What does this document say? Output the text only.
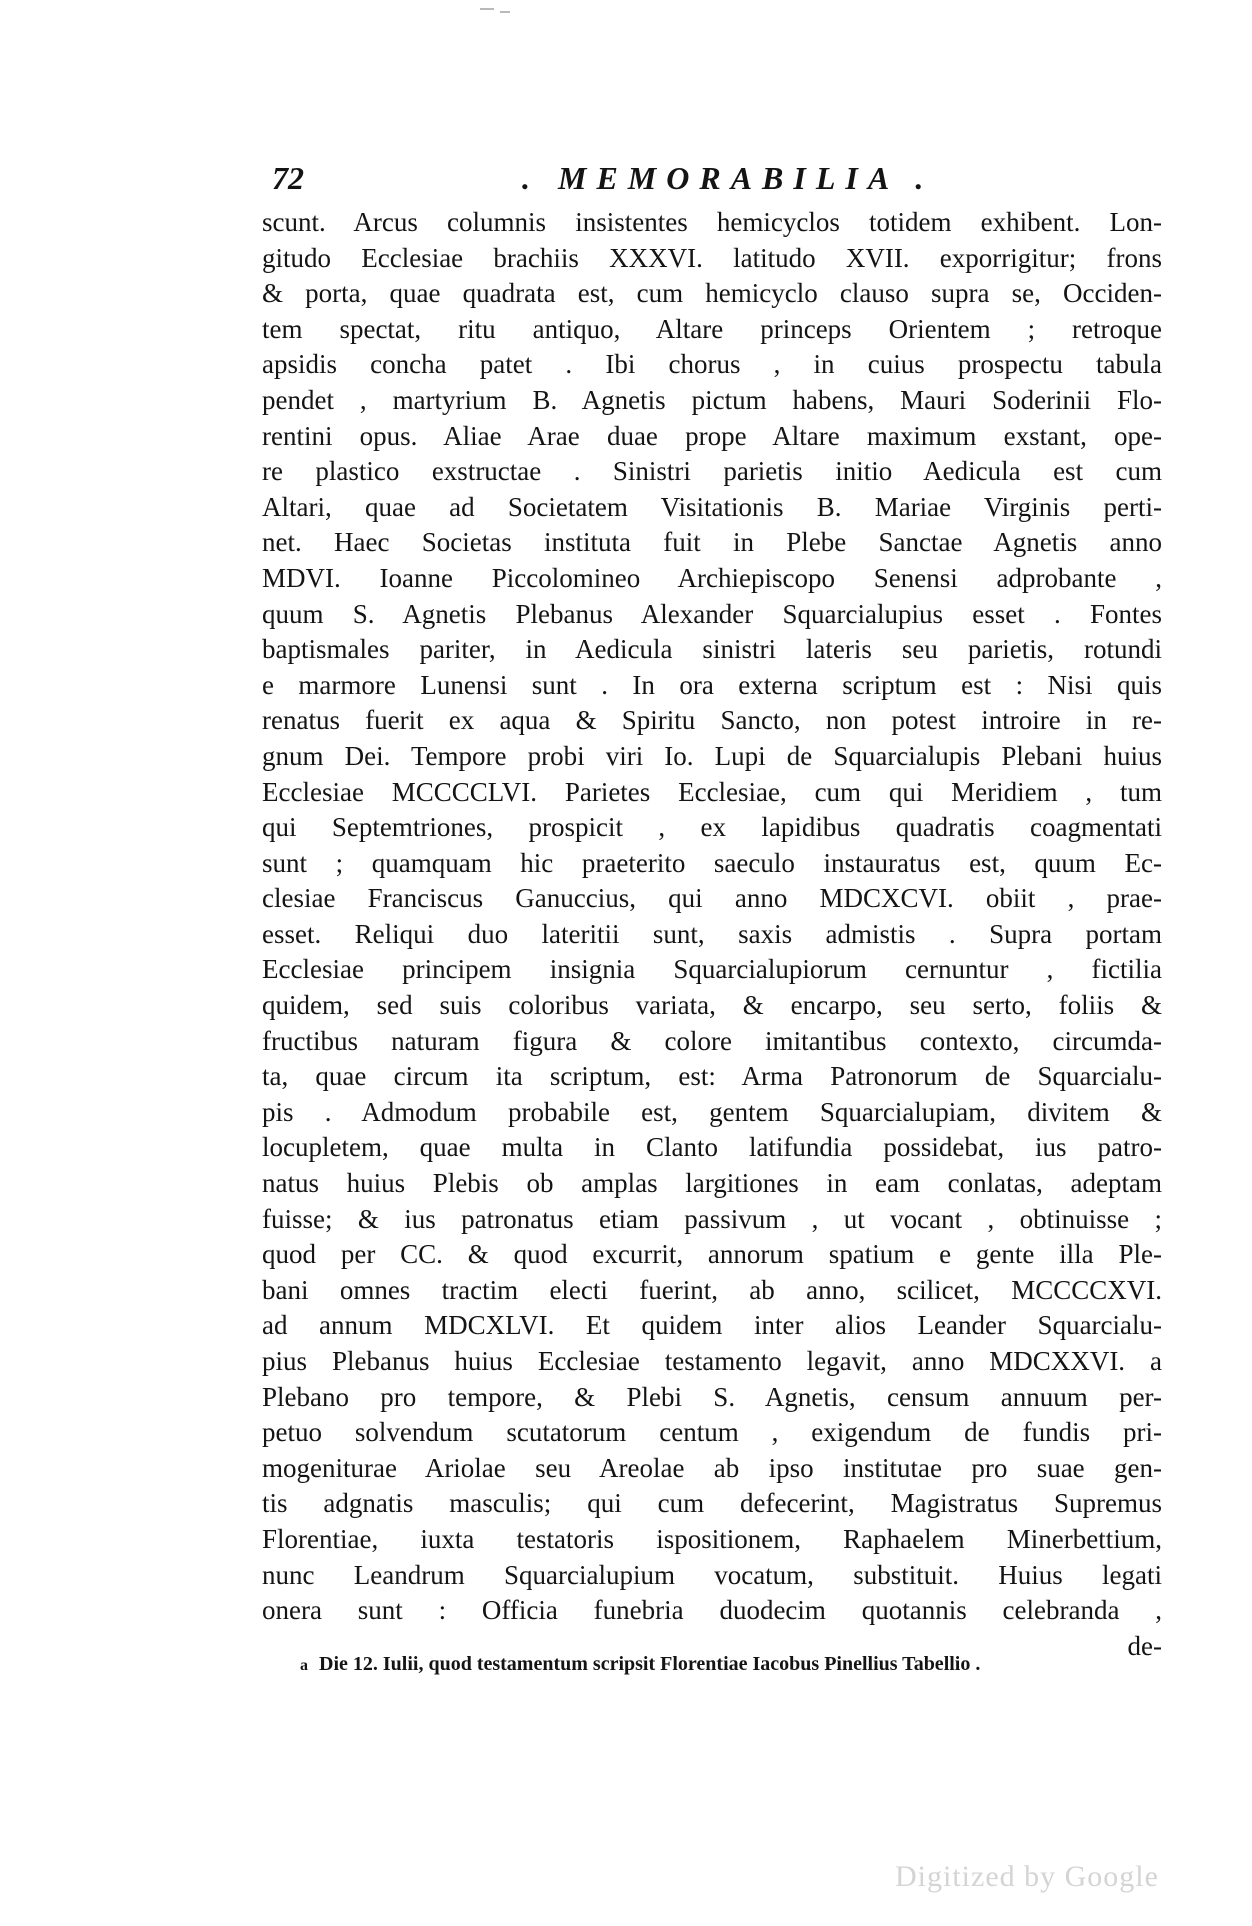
72	. MEMORABILIA .
scunt. Arcus columnis insistentes hemicyclos totidem exhibent. Lon-
gitudo Ecclesiae brachiis XXXVI. latitudo XVII. exporrigitur; frons
& porta, quae quadrata est, cum hemicyclo clauso supra se, Occiden-
tem spectat, ritu antiquo, Altare princeps Orientem ; retroque
apsidis concha patet . Ibi chorus , in cuius prospectu tabula
pendet , martyrium B. Agnetis pictum habens, Mauri Soderinii Flo-
rentini opus. Aliae Arae duae prope Altare maximum exstant, ope-
re plastico exstructae . Sinistri parietis initio Aedicula est cum
Altari, quae ad Societatem Visitationis B. Mariae Virginis perti-
net. Haec Societas instituta fuit in Plebe Sanctae Agnetis anno
MDVI. Ioanne Piccolomineo Archiepiscopo Senensi adprobante ,
quum S. Agnetis Plebanus Alexander Squarcialupius esset . Fontes
baptismales pariter, in Aedicula sinistri lateris seu parietis, rotundi
e marmore Lunensi sunt . In ora externa scriptum est : Nisi quis
renatus fuerit ex aqua & Spiritu Sancto, non potest introire in re-
gnum Dei. Tempore probi viri Io. Lupi de Squarcialupis Plebani huius
Ecclesiae MCCCCLVI. Parietes Ecclesiae, cum qui Meridiem , tum
qui Septemtriones, prospicit , ex lapidibus quadratis coagmentati
sunt ; quamquam hic praeterito saeculo instauratus est, quum Ec-
clesiae Franciscus Ganuccius, qui anno MDCXCVI. obiit , prae-
esset. Reliqui duo lateritii sunt, saxis admistis . Supra portam
Ecclesiae principem insignia Squarcialupiorum cernuntur , fictilia
quidem, sed suis coloribus variata, & encarpo, seu serto, foliis &
fructibus naturam figura & colore imitantibus contexto, circumda-
ta, quae circum ita scriptum, est: Arma Patronorum de Squarcialu-
pis . Admodum probabile est, gentem Squarcialupiam, divitem &
locupletem, quae multa in Clanto latifundia possidebat, ius patro-
natus huius Plebis ob amplas largitiones in eam conlatas, adeptam
fuisse; & ius patronatus etiam passivum , ut vocant , obtinuisse ;
quod per CC. & quod excurrit, annorum spatium e gente illa Ple-
bani omnes tractim electi fuerint, ab anno, scilicet, MCCCCXVI.
ad annum MDCXLVI. Et quidem inter alios Leander Squarcialu-
pius Plebanus huius Ecclesiae testamento legavit, anno MDCXXVI. a
Plebano pro tempore, & Plebi S. Agnetis, censum annuum per-
petuo solvendum scutatorum centum , exigendum de fundis pri-
mogeniturae Ariolae seu Areolae ab ipso institutae pro suae gen-
tis adgnatis masculis; qui cum defecerint, Magistratus Supremus
Florentiae, iuxta testatoris ispositionem, Raphaelem Minerbettium,
nunc Leandrum Squarcialupium vocatum, substituit. Huius legati
onera sunt : Officia funebria duodecim quotannis celebranda ,
de-
a Die 12. Iulii, quod testamentum scripsit Florentiae Iacobus Pinellius Tabellio .
Digitized by Google
